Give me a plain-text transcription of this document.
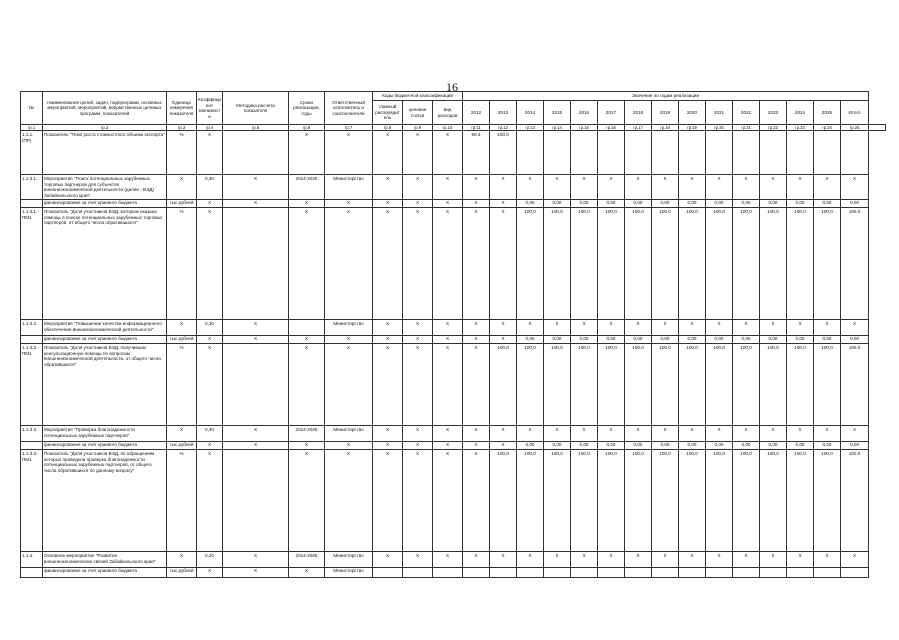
16
№	Наименования целей, задач, подпрограмм, основных мероприятий, мероприятий, ведомственных целевых программ, показателей	Единица измерения показателя	Коэффициент значимости	Методика расчета показателя	Сроки реализации, годы	Ответственный исполнитель и соисполнители	Коды бюджетной классификации			Значения по годам реализации															
							главный распорядитель	целевая статья	вид расходов	2012	2013	2014	2015	2016	2017	2018	2019	2020	2021	2022	2023	2024	2025	Итого	
гр.1	гр.2	гр.3	гр.4	гр.5	гр.6	гр.7	гр.8	гр.9	гр.10	гр.11	гр.12	гр.13	гр.14	гр.15	гр.16	гр.17	гр.18	гр.19	гр.20	гр.21	гр.22	гр.23	гр.24	гр.25	
1.1.1. (ПР)	Показатель "Темп роста стоимостного объема экспорта"	%	X		X	X	X	X	X	96,4	100,0														
1.1.3.1.	Мероприятие "Поиск потенциальных зарубежных торговых партнеров для субъектов внешнеэкономической деятельности (далее - ВЭД) Забайкальского края"	X	0,30	X	2014-2025	Министерство	X	X	X	X	X	X	X	X	X	X	X	X	X	X	X	X	X	X	
	финансирование за счет краевого бюджета	тыс.рублей	X	X	X	X	X	X	X	X	X	0,00	0,00	0,00	0,00	0,00	0,00	0,00	0,00	0,00	0,00	0,00	0,00	0,00	
1.1.3.1.- ПМ1	Показатель "Доля участников ВЭД, которым оказана помощь в поиске потенциальных зарубежных торговых партнеров, от общего числа обратившихся"	%	X		X	X	X	X	X	X	X	100,0	100,0	100,0	100,0	100,0	100,0	100,0	100,0	100,0	100,0	100,0	100,0	100,0	
1.1.3.2.	Мероприятие "Повышение качества информационного обеспечения внешнеэкономической деятельности"	X	0,30	X		Министерство	X	X	X	X	X	X	X	X	X	X	X	X	X	X	X	X	X	X	
	финансирование за счет краевого бюджета	тыс.рублей	X	X	X	X	X	X	X	X	X	0,00	0,00	0,00	0,00	0,00	0,00	0,00	0,00	0,00	0,00	0,00	0,00	0,00	
1.1.3.2.- ПМ1	Показатель "Доля участников ВЭД, получивших консультационную помощь по вопросам внешнеэкономической деятельности, от общего числа обратившихся"	%	X		X	X	X	X	X	X	100,0	100,0	100,0	100,0	100,0	100,0	100,0	100,0	100,0	100,0	100,0	100,0	100,0	100,0	
1.1.3.3.	Мероприятие "Проверка благонадежности потенциальных зарубежных партнеров"	X	0,40	X	2014-2025	Министерство	X	X	X	X	X	X	X	X	X	X	X	X	X	X	X	X	X	X	
	финансирование за счет краевого бюджета	тыс.рублей	X	X	X	X	X	X	X	X	X	0,00	0,00	0,00	0,00	0,00	0,00	0,00	0,00	0,00	0,00	0,00	0,00	0,00	
1.1.3.3.- ПМ1	Показатель "Доля участников ВЭД, по обращениям которых проведена проверка благонадежности потенциальных зарубежных партнеров, от общего числа обратившихся по данному вопросу"	%	X		X	X	X	X	X	X	100,0	100,0	100,0	100,0	100,0	100,0	100,0	100,0	100,0	100,0	100,0	100,0	100,0	100,0	
1.1.4.	Основное мероприятие "Развитие внешнеэкономических связей Забайкальского края"	X	0,20	X	2014-2025	Министерство	X	X	X	X	X	X	X	X	X	X	X	X	X	X	X	X	X	X	
	финансирование за счет краевого бюджета	тыс.рублей	X	X	X	Министерство																			
